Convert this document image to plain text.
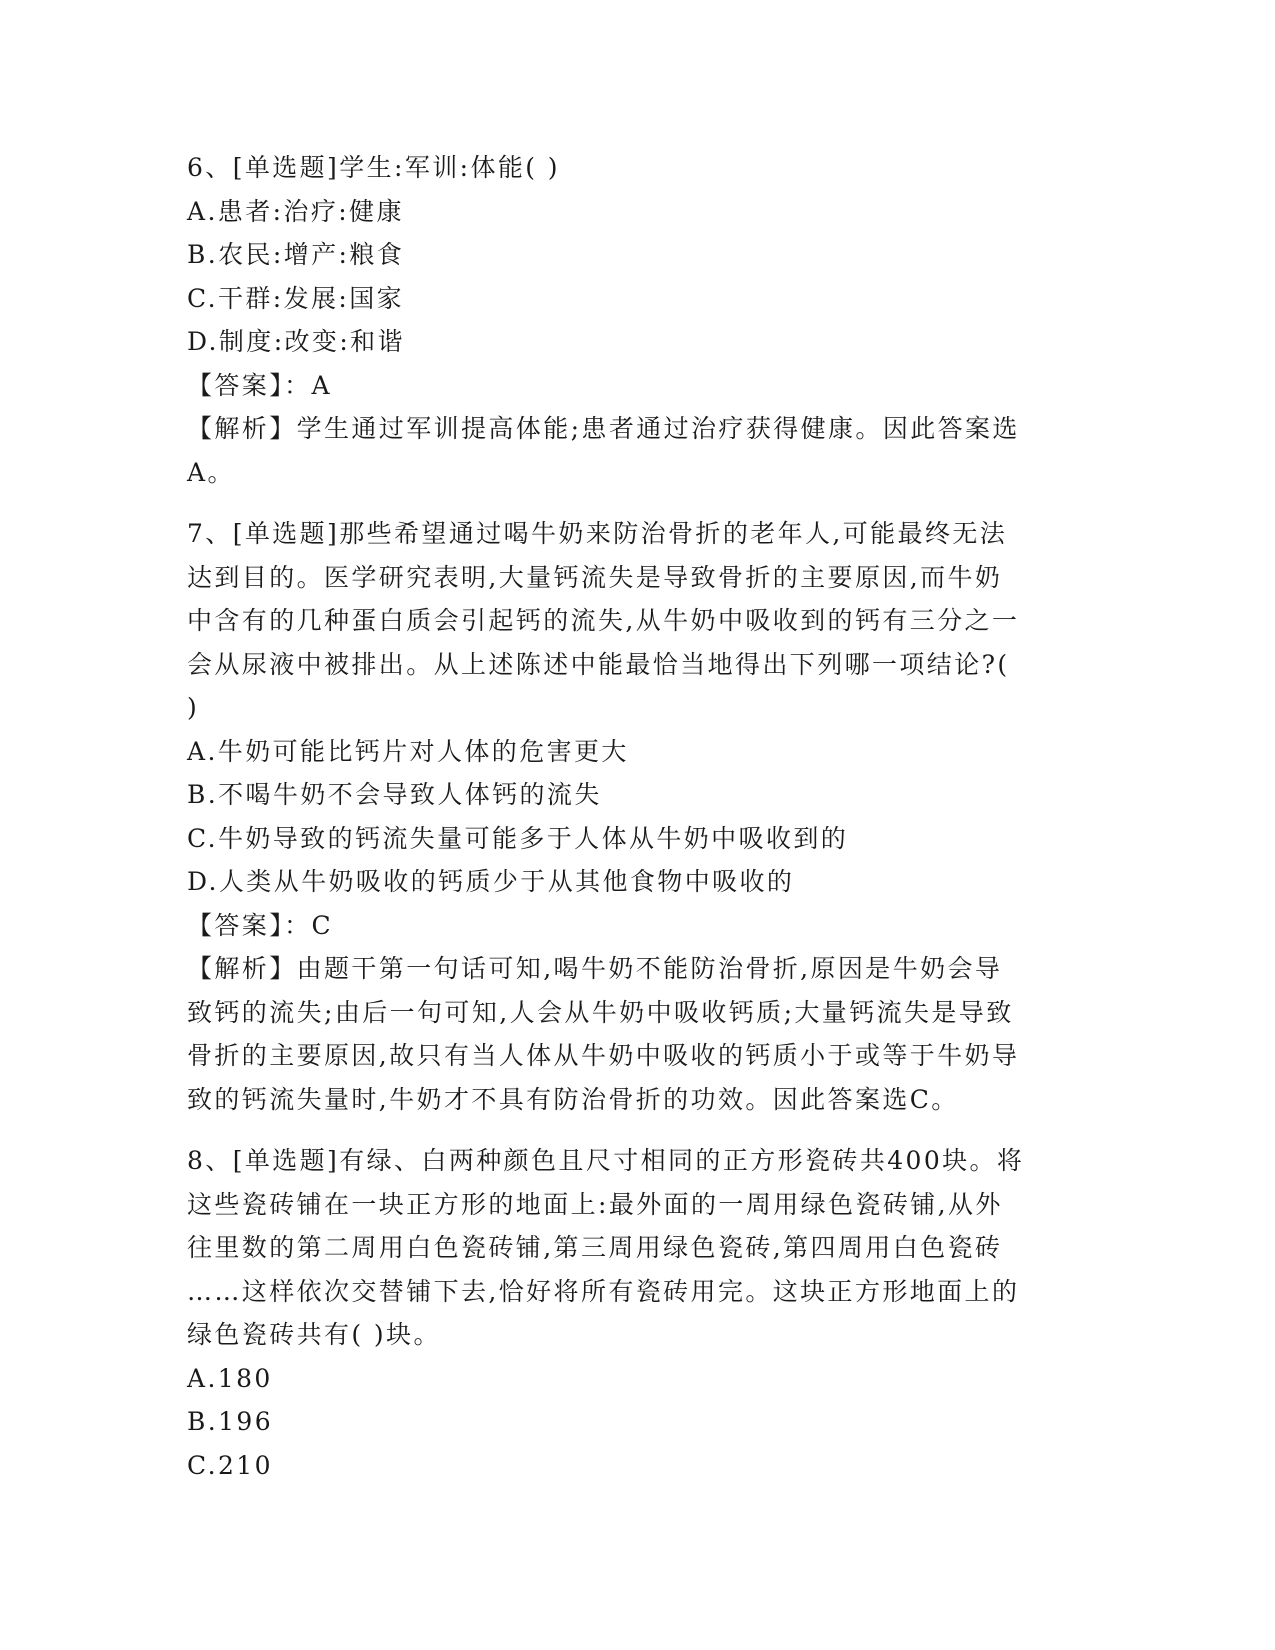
6、[单选题]学生:军训:体能( )
A.患者:治疗:健康
B.农民:增产:粮食
C.干群:发展:国家
D.制度:改变:和谐
【答案】：A
【解析】学生通过军训提高体能;患者通过治疗获得健康。因此答案选
A。
7、[单选题]那些希望通过喝牛奶来防治骨折的老年人,可能最终无法
达到目的。医学研究表明,大量钙流失是导致骨折的主要原因,而牛奶
中含有的几种蛋白质会引起钙的流失,从牛奶中吸收到的钙有三分之一
会从尿液中被排出。从上述陈述中能最恰当地得出下列哪一项结论?(
)
A.牛奶可能比钙片对人体的危害更大
B.不喝牛奶不会导致人体钙的流失
C.牛奶导致的钙流失量可能多于人体从牛奶中吸收到的
D.人类从牛奶吸收的钙质少于从其他食物中吸收的
【答案】：C
【解析】由题干第一句话可知,喝牛奶不能防治骨折,原因是牛奶会导
致钙的流失;由后一句可知,人会从牛奶中吸收钙质;大量钙流失是导致
骨折的主要原因,故只有当人体从牛奶中吸收的钙质小于或等于牛奶导
致的钙流失量时,牛奶才不具有防治骨折的功效。因此答案选C。
8、[单选题]有绿、白两种颜色且尺寸相同的正方形瓷砖共400块。将
这些瓷砖铺在一块正方形的地面上:最外面的一周用绿色瓷砖铺,从外
往里数的第二周用白色瓷砖铺,第三周用绿色瓷砖,第四周用白色瓷砖
……这样依次交替铺下去,恰好将所有瓷砖用完。这块正方形地面上的
绿色瓷砖共有( )块。
A.180
B.196
C.210
